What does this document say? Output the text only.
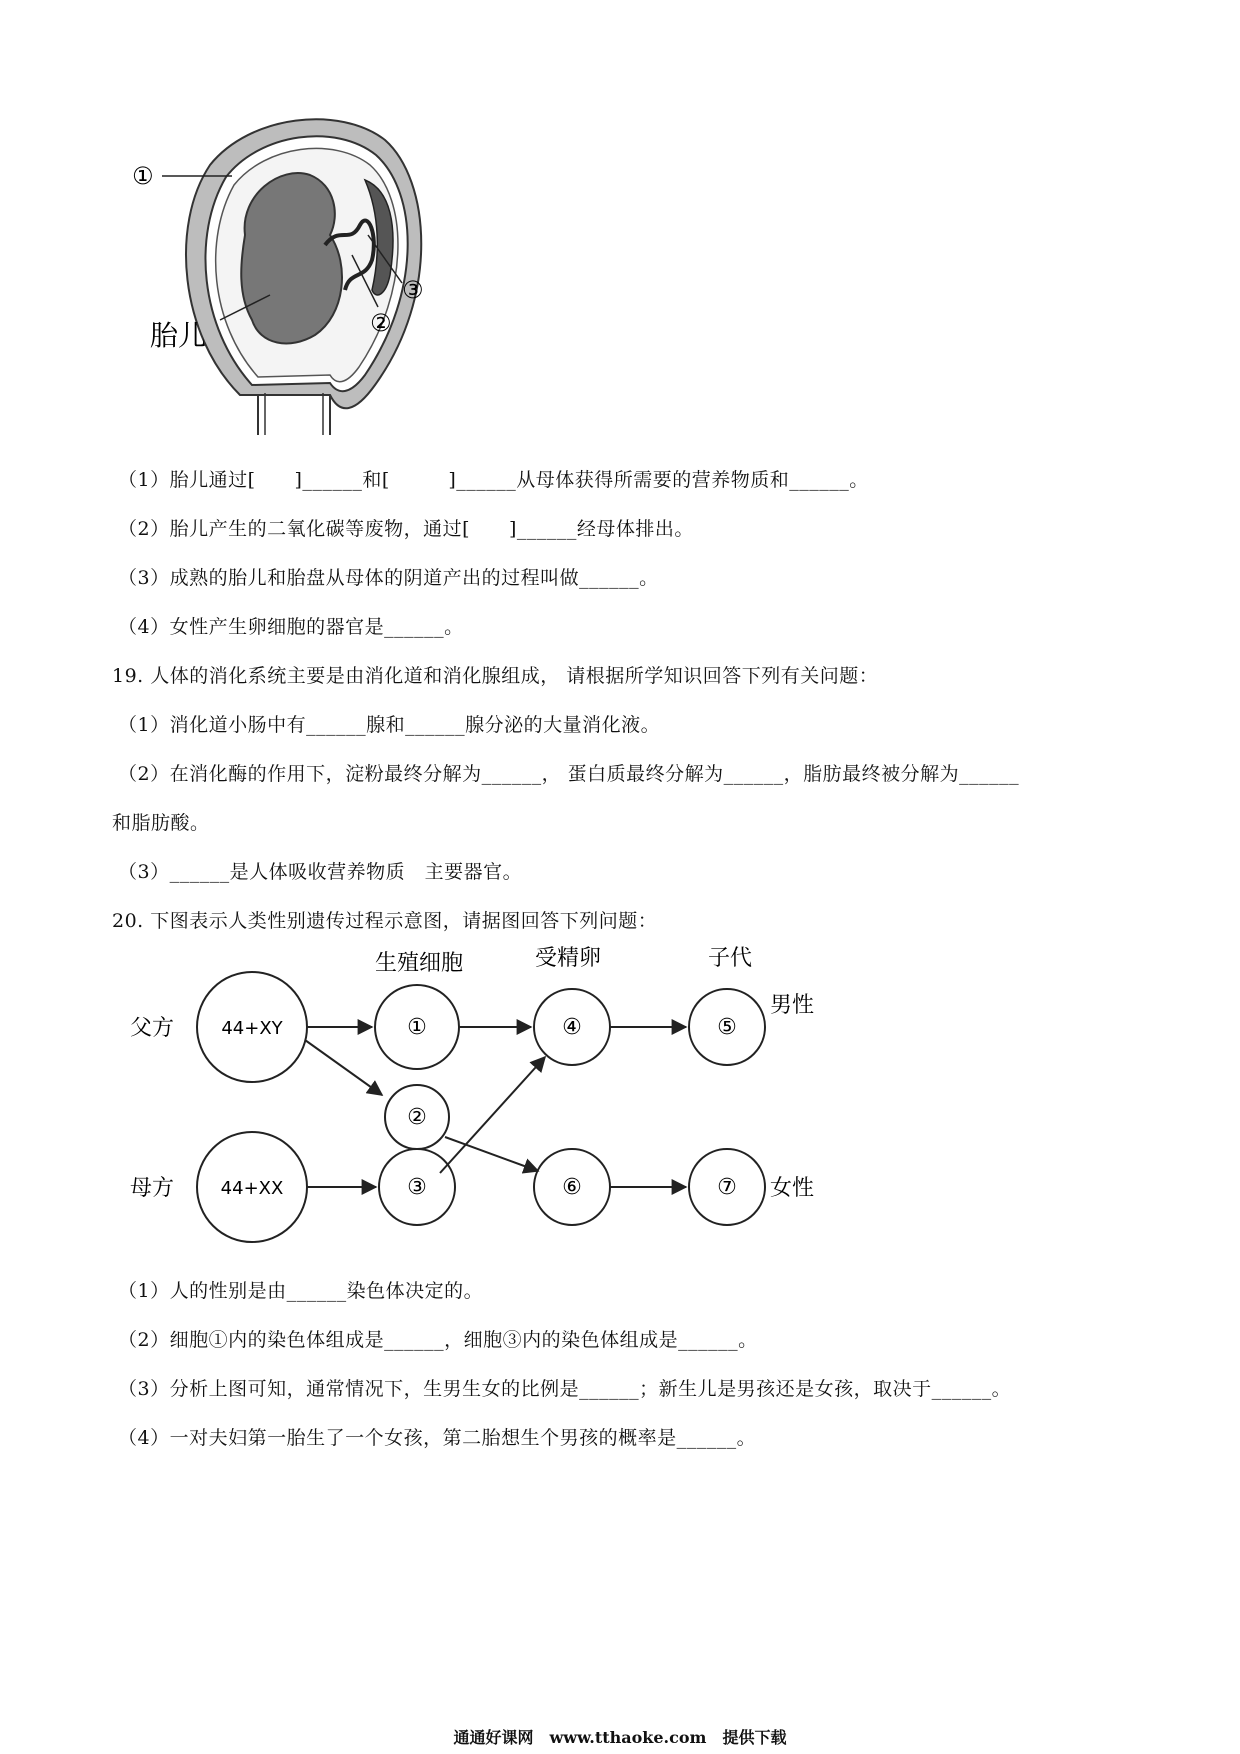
①
③
②
胎儿
（1）胎儿通过[　　]______和[　　　]______从母体获得所需要的营养物质和______。
（2）胎儿产生的二氧化碳等废物，通过[　　]______经母体排出。
（3）成熟的胎儿和胎盘从母体的阴道产出的过程叫做______。
（4）女性产生卵细胞的器官是______。
19. 人体的消化系统主要是由消化道和消化腺组成， 请根据所学知识回答下列有关问题：
（1）消化道小肠中有______腺和______腺分泌的大量消化液。
（2）在消化酶的作用下，淀粉最终分解为______， 蛋白质最终分解为______，脂肪最终被分解为______
和脂肪酸。
（3）______是人体吸收营养物质　主要器官。
20. 下图表示人类性别遗传过程示意图，请据图回答下列问题：
生殖细胞	受精卵	子代
父方
母方
44+XY
44+XX
①
②
③
④
⑥
⑤
⑦
男性
女性
（1）人的性别是由______染色体决定的。
（2）细胞①内的染色体组成是______，细胞③内的染色体组成是______。
（3）分析上图可知，通常情况下，生男生女的比例是______；新生儿是男孩还是女孩，取决于______。
（4）一对夫妇第一胎生了一个女孩，第二胎想生个男孩的概率是______。
通通好课网　www.tthaoke.com　提供下载
